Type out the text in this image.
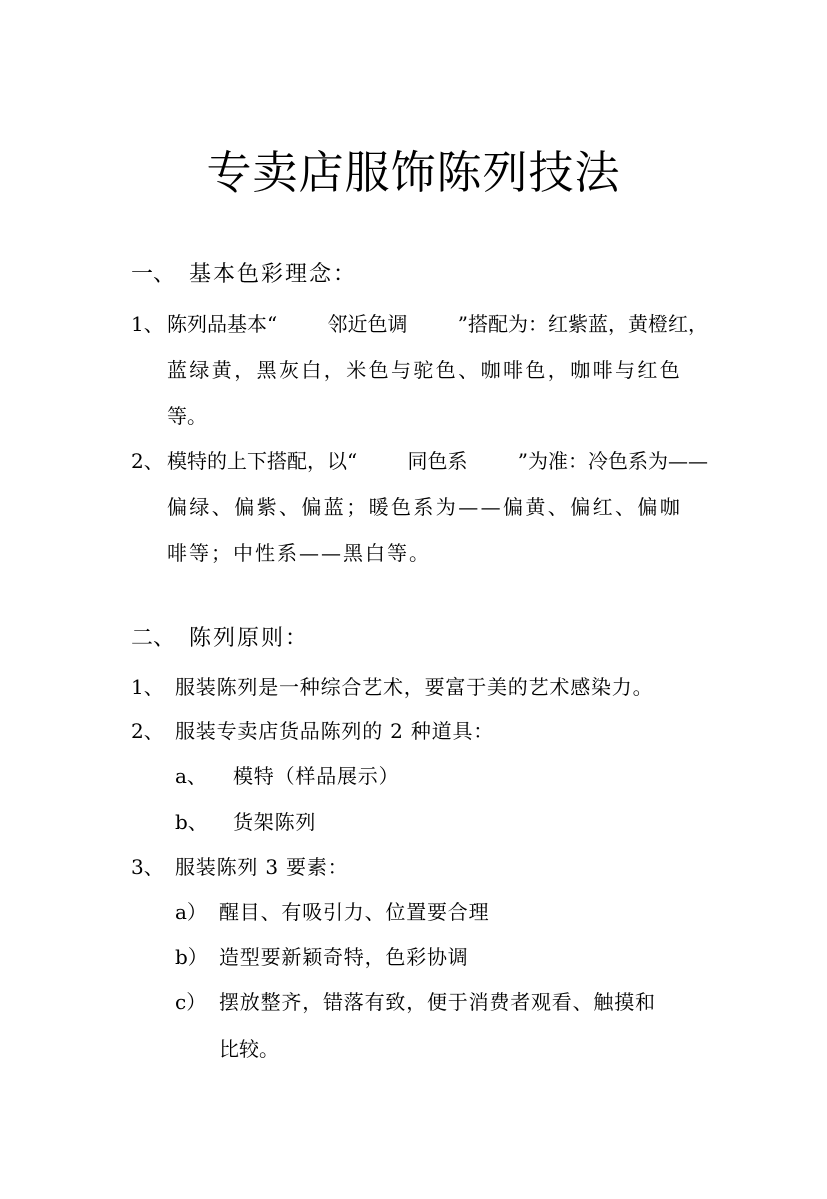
专卖店服饰陈列技法
一、 基本色彩理念：
1、 陈列品基本“	邻近色调	”搭配为：红紫蓝，黄橙红，
蓝绿黄，黑灰白，米色与驼色、咖啡色，咖啡与红色
等。
2、 模特的上下搭配，以“	同色系	”为准：冷色系为——
偏绿、偏紫、偏蓝；暖色系为——偏黄、偏红、偏咖
啡等；中性系——黑白等。
二、 陈列原则：
1、 服装陈列是一种综合艺术，要富于美的艺术感染力。
2、 服装专卖店货品陈列的 2 种道具：
a、 模特（样品展示）
b、 货架陈列
3、 服装陈列 3 要素：
a） 醒目、有吸引力、位置要合理
b） 造型要新颖奇特，色彩协调
c） 摆放整齐，错落有致，便于消费者观看、触摸和
比较。
